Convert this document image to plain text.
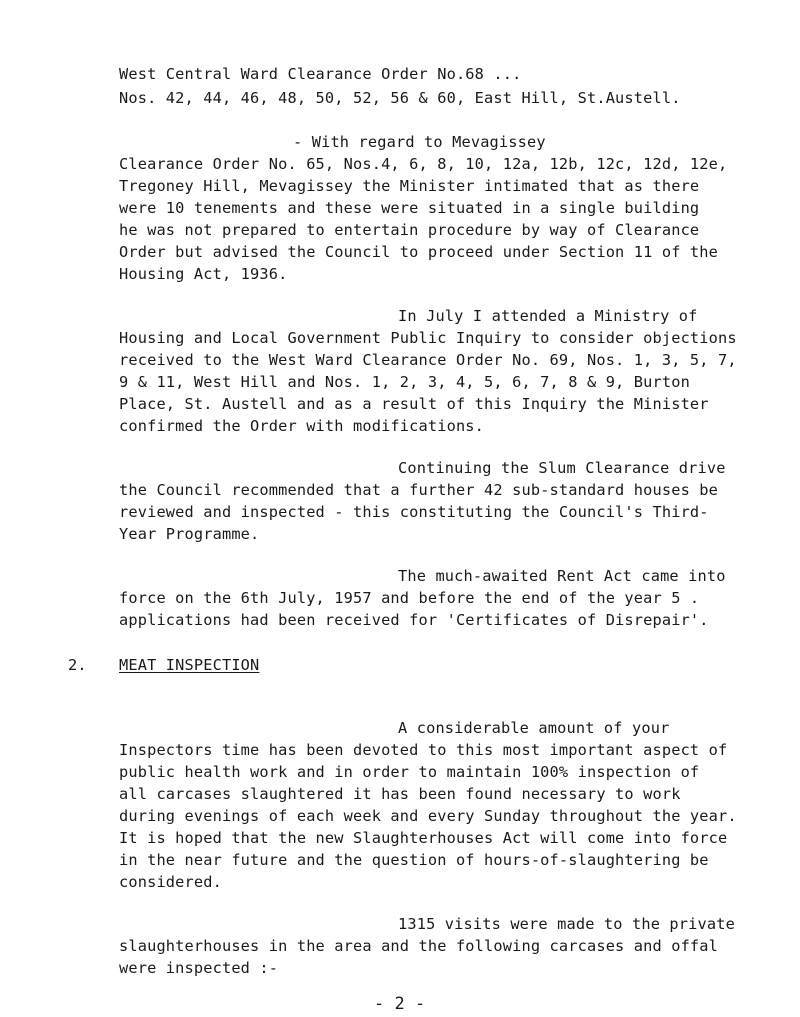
West Central Ward Clearance Order No.68 ...
Nos. 42, 44, 46, 48, 50, 52, 56 & 60, East Hill, St.Austell.
- With regard to Mevagissey
Clearance Order No. 65, Nos.4, 6, 8, 10, 12a, 12b, 12c, 12d, 12e,
Tregoney Hill, Mevagissey the Minister intimated that as there
were 10 tenements and these were situated in a single building
he was not prepared to entertain procedure by way of Clearance
Order but advised the Council to proceed under Section 11 of the
Housing Act, 1936.
In July I attended a Ministry of
Housing and Local Government Public Inquiry to consider objections
received to the West Ward Clearance Order No. 69, Nos. 1, 3, 5, 7,
9 & 11, West Hill and Nos. 1, 2, 3, 4, 5, 6, 7, 8 & 9, Burton
Place, St. Austell and as a result of this Inquiry the Minister
confirmed the Order with modifications.
Continuing the Slum Clearance drive
the Council recommended that a further 42 sub-standard houses be
reviewed and inspected - this constituting the Council's Third-
Year Programme.
The much-awaited Rent Act came into
force on the 6th July, 1957 and before the end of the year 5 .
applications had been received for 'Certificates of Disrepair'.
2. MEAT INSPECTION
A considerable amount of your
Inspectors time has been devoted to this most important aspect of
public health work and in order to maintain 100% inspection of
all carcases slaughtered it has been found necessary to work
during evenings of each week and every Sunday throughout the year.
It is hoped that the new Slaughterhouses Act will come into force
in the near future and the question of hours-of-slaughtering be
considered.
1315 visits were made to the private
slaughterhouses in the area and the following carcases and offal
were inspected :-
- 2 -
